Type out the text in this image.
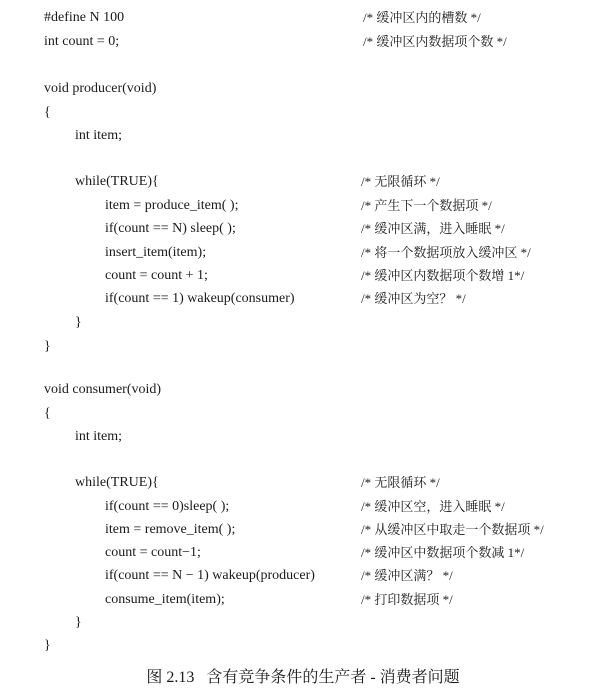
#define N 100	/* 缓冲区内的槽数 */
int count = 0;	/* 缓冲区内数据项个数 */
void producer(void)
{
int item;
while(TRUE){	/* 无限循环 */
item = produce_item( );	/* 产生下一个数据项 */
if(count == N) sleep( );	/* 缓冲区满，进入睡眠 */
insert_item(item);	/* 将一个数据项放入缓冲区 */
count = count + 1;	/* 缓冲区内数据项个数增 1*/
if(count == 1) wakeup(consumer)	/* 缓冲区为空？ */
}
}
void consumer(void)
{
int item;
while(TRUE){	/* 无限循环 */
if(count == 0)sleep( );	/* 缓冲区空，进入睡眠 */
item = remove_item( );	/* 从缓冲区中取走一个数据项 */
count = count−1;	/* 缓冲区中数据项个数减 1*/
if(count == N − 1) wakeup(producer)	/* 缓冲区满？ */
consume_item(item);	/* 打印数据项 */
}
}
图 2.13   含有竞争条件的生产者 - 消费者问题
